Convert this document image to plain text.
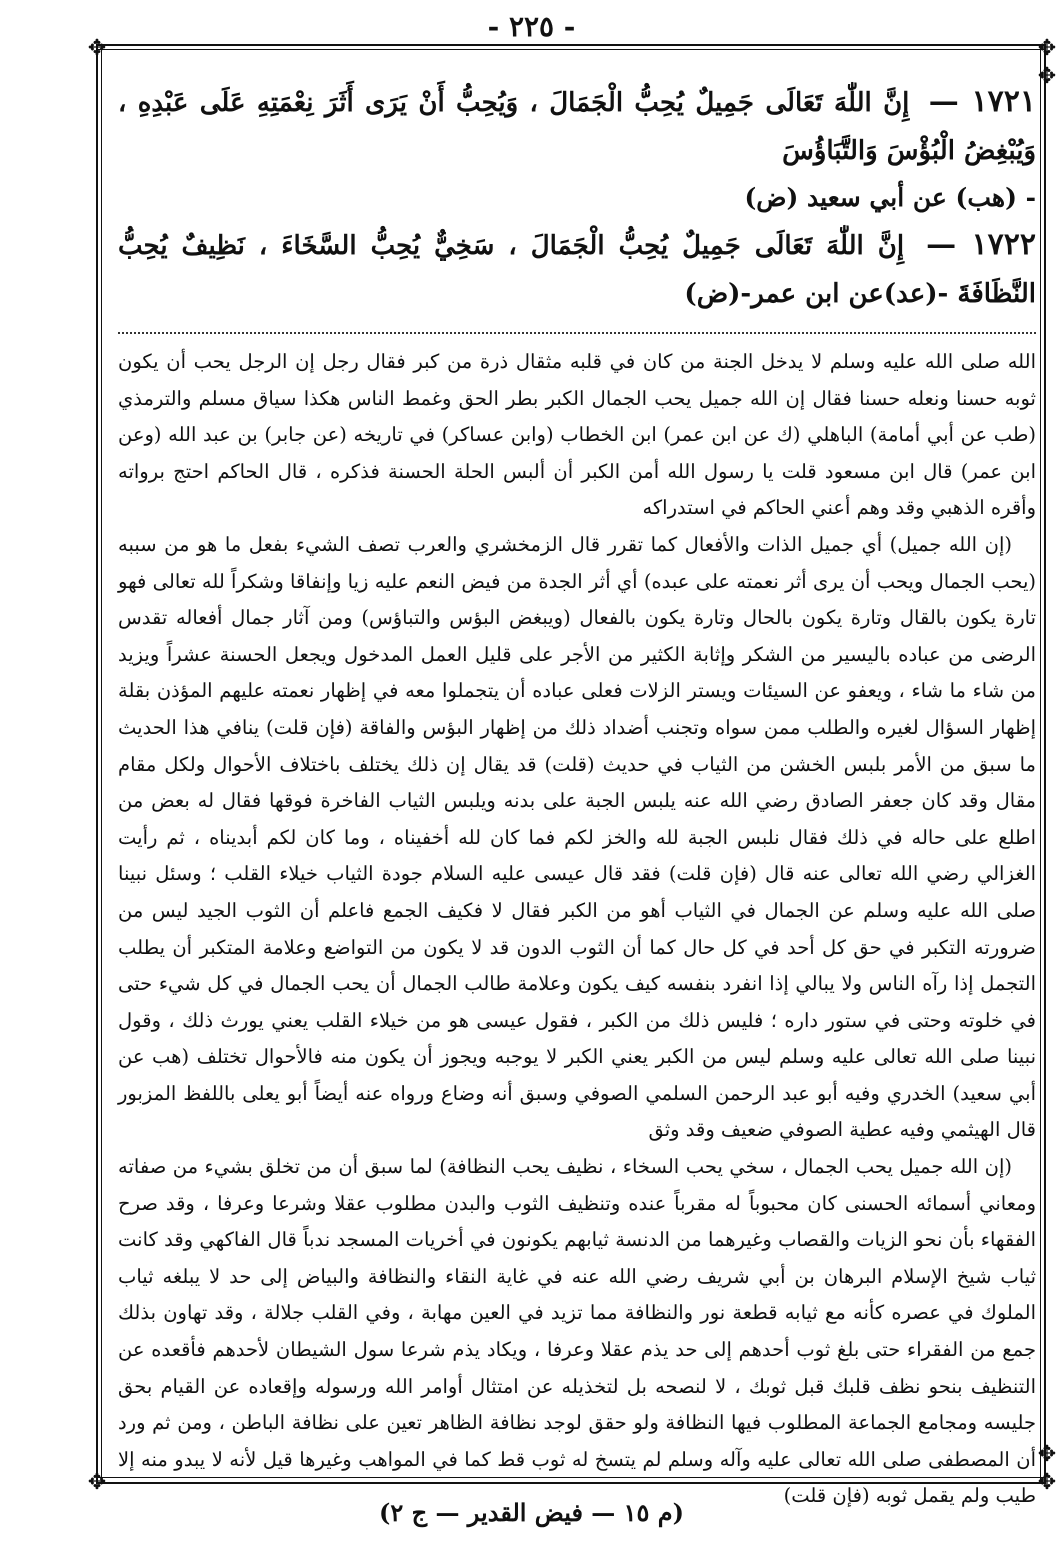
- ٢٢٥ -
✥	✥
✥	✥
✥
✥

١٧٢١ — إِنَّ اللّٰهَ تَعَالَى جَمِيلٌ يُحِبُّ الْجَمَالَ ، وَيُحِبُّ أَنْ يَرَى أَثَرَ نِعْمَتِهِ عَلَى عَبْدِهِ ، وَيُبْغِضُ الْبُؤْسَ وَالتَّبَاؤُسَ

- (هب) عن أبي سعيد (ض)

١٧٢٢ — إِنَّ اللّٰهَ تَعَالَى جَمِيلٌ يُحِبُّ الْجَمَالَ ، سَخِيٌّ يُحِبُّ السَّخَاءَ ، نَظِيفٌ يُحِبُّ النَّظَافَةَ -(عد)عن ابن عمر-(ض)

الله صلى الله عليه وسلم لا يدخل الجنة من كان في قلبه مثقال ذرة من كبر فقال رجل إن الرجل يحب أن يكون ثوبه حسنا ونعله حسنا فقال إن الله جميل يحب الجمال الكبر بطر الحق وغمط الناس هكذا سياق مسلم والترمذي (طب عن أبي أمامة) الباهلي (ك عن ابن عمر) ابن الخطاب (وابن عساكر) في تاريخه (عن جابر) بن عبد الله (وعن ابن عمر) قال ابن مسعود قلت يا رسول الله أمن الكبر أن ألبس الحلة الحسنة فذكره ، قال الحاكم احتج برواته وأقره الذهبي وقد وهم أعني الحاكم في استدراكه

(إن الله جميل) أي جميل الذات والأفعال كما تقرر قال الزمخشري والعرب تصف الشيء بفعل ما هو من سببه (يحب الجمال ويحب أن يرى أثر نعمته على عبده) أي أثر الجدة من فيض النعم عليه زيا وإنفاقا وشكراً لله تعالى فهو تارة يكون بالقال وتارة يكون بالحال وتارة يكون بالفعال (ويبغض البؤس والتباؤس) ومن آثار جمال أفعاله تقدس الرضى من عباده باليسير من الشكر وإثابة الكثير من الأجر على قليل العمل المدخول ويجعل الحسنة عشراً ويزيد من شاء ما شاء ، ويعفو عن السيئات ويستر الزلات فعلى عباده أن يتجملوا معه في إظهار نعمته عليهم المؤذن بقلة إظهار السؤال لغيره والطلب ممن سواه وتجنب أضداد ذلك من إظهار البؤس والفاقة (فإن قلت) ينافي هذا الحديث ما سبق من الأمر بلبس الخشن من الثياب في حديث (قلت) قد يقال إن ذلك يختلف باختلاف الأحوال ولكل مقام مقال وقد كان جعفر الصادق رضي الله عنه يلبس الجبة على بدنه ويلبس الثياب الفاخرة فوقها فقال له بعض من اطلع على حاله في ذلك فقال نلبس الجبة لله والخز لكم فما كان لله أخفيناه ، وما كان لكم أبديناه ، ثم رأيت الغزالي رضي الله تعالى عنه قال (فإن قلت) فقد قال عيسى عليه السلام جودة الثياب خيلاء القلب ؛ وسئل نبينا صلى الله عليه وسلم عن الجمال في الثياب أهو من الكبر فقال لا فكيف الجمع فاعلم أن الثوب الجيد ليس من ضرورته التكبر في حق كل أحد في كل حال كما أن الثوب الدون قد لا يكون من التواضع وعلامة المتكبر أن يطلب التجمل إذا رآه الناس ولا يبالي إذا انفرد بنفسه كيف يكون وعلامة طالب الجمال أن يحب الجمال في كل شيء حتى في خلوته وحتى في ستور داره ؛ فليس ذلك من الكبر ، فقول عيسى هو من خيلاء القلب يعني يورث ذلك ، وقول نبينا صلى الله تعالى عليه وسلم ليس من الكبر يعني الكبر لا يوجبه ويجوز أن يكون منه فالأحوال تختلف (هب عن أبي سعيد) الخدري وفيه أبو عبد الرحمن السلمي الصوفي وسبق أنه وضاع ورواه عنه أيضاً أبو يعلى باللفظ المزبور قال الهيثمي وفيه عطية الصوفي ضعيف وقد وثق

(إن الله جميل يحب الجمال ، سخي يحب السخاء ، نظيف يحب النظافة) لما سبق أن من تخلق بشيء من صفاته ومعاني أسمائه الحسنى كان محبوباً له مقرباً عنده وتنظيف الثوب والبدن مطلوب عقلا وشرعا وعرفا ، وقد صرح الفقهاء بأن نحو الزيات والقصاب وغيرهما من الدنسة ثيابهم يكونون في أخريات المسجد ندباً قال الفاكهي وقد كانت ثياب شيخ الإسلام البرهان بن أبي شريف رضي الله عنه في غاية النقاء والنظافة والبياض إلى حد لا يبلغه ثياب الملوك في عصره كأنه مع ثيابه قطعة نور والنظافة مما تزيد في العين مهابة ، وفي القلب جلالة ، وقد تهاون بذلك جمع من الفقراء حتى بلغ ثوب أحدهم إلى حد يذم عقلا وعرفا ، ويكاد يذم شرعا سول الشيطان لأحدهم فأقعده عن التنظيف بنحو نظف قلبك قبل ثوبك ، لا لنصحه بل لتخذيله عن امتثال أوامر الله ورسوله وإقعاده عن القيام بحق جليسه ومجامع الجماعة المطلوب فيها النظافة ولو حقق لوجد نظافة الظاهر تعين على نظافة الباطن ، ومن ثم ورد أن المصطفى صلى الله تعالى عليه وآله وسلم لم يتسخ له ثوب قط كما في المواهب وغيرها قيل لأنه لا يبدو منه إلا طيب ولم يقمل ثوبه (فإن قلت)

(م ١٥ — فيض القدير — ج ٢)
